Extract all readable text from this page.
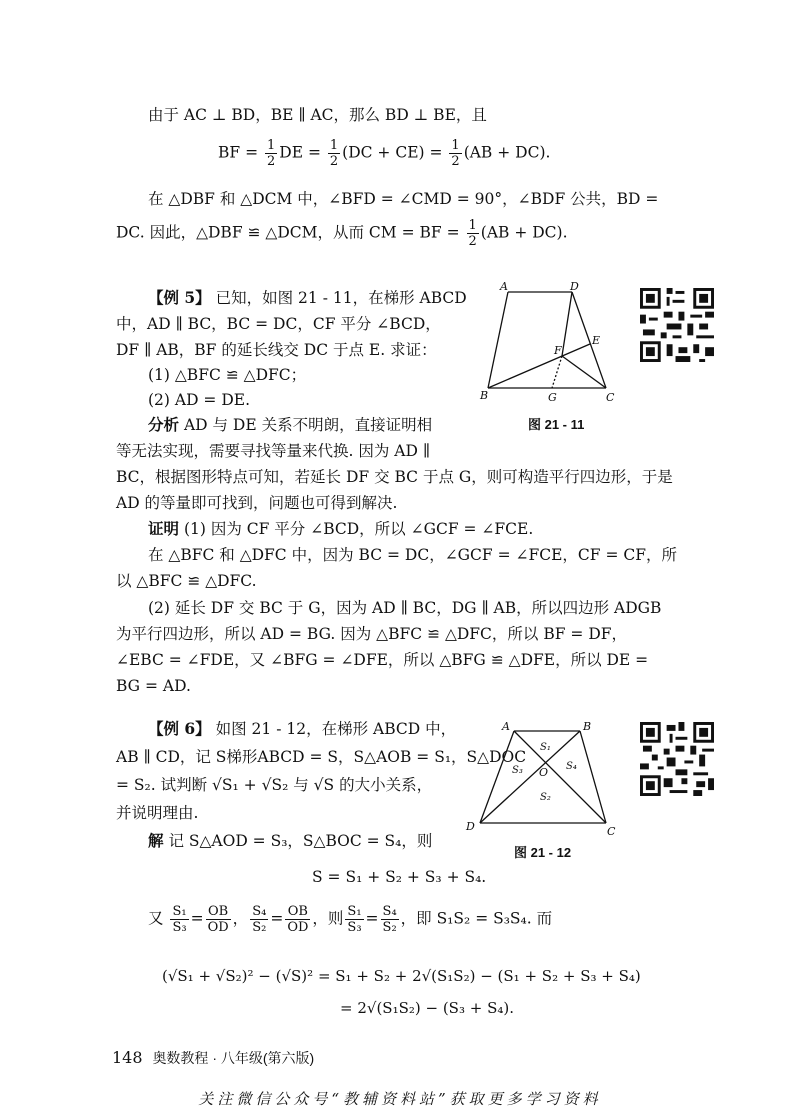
由于 AC ⊥ BD，BE ∥ AC，那么 BD ⊥ BE，且
BF = $\frac{1}{2}$ DE = $\frac{1}{2} (DC + CE) = \frac{1}{2} (AB + DC)$.
在 △DBF 和 △DCM 中，∠BFD = ∠CMD = 90°，∠BDF 公共，BD =
DC. 因此，△DBF ≌ △DCM，从而 CM = BF = $\frac{1}{2} (AB + DC)$.
【例 5】 已知，如图 21 - 11，在梯形 ABCD
中，AD ∥ BC，BC = DC，CF 平分 ∠BCD，
DF ∥ AB，BF 的延长线交 DC 于点 E. 求证：
(1) △BFC ≌ △DFC；
(2) AD = DE.
分析 AD 与 DE 关系不明朗，直接证明相
等无法实现，需要寻找等量来代换. 因为 AD ∥
BC，根据图形特点可知，若延长 DF 交 BC 于点 G，则可构造平行四边形，于是
AD 的等量即可找到，问题也可得到解决.
证明 (1) 因为 CF 平分 ∠BCD，所以 ∠GCF = ∠FCE.
在 △BFC 和 △DFC 中，因为 BC = DC，∠GCF = ∠FCE，CF = CF，所
以 △BFC ≌ △DFC.
(2) 延长 DF 交 BC 于 G，因为 AD ∥ BC，DG ∥ AB，所以四边形 ADGB
为平行四边形，所以 AD = BG. 因为 △BFC ≌ △DFC，所以 BF = DF，
∠EBC = ∠FDE，又 ∠BFG = ∠DFE，所以 △BFG ≌ △DFE，所以 DE =
BG = AD.
A	D
B	C
F
E
G
图 21 - 11
【例 6】 如图 21 - 12，在梯形 ABCD 中，
AB ∥ CD，记 S梯形ABCD = S，S△AOB = S₁，S△DOC
= S₂. 试判断 √S₁ + √S₂ 与 √S 的大小关系，
并说明理由.
解 记 S△AOD = S₃，S△BOC = S₄，则
S = S₁ + S₂ + S₃ + S₄.
又 $\frac{\text{S₁}}{\text{S₃}} = \frac{OB}{OD}$ ， $\frac{\text{S₄}}{\text{S₂}} = \frac{OB}{OD}$ ，则 $\frac{\text{S₁}}{\text{S₃}} = \frac{\text{S₄}}{\text{S₂}}$ ，即 S₁S₂ = S₃S₄. 而
(√S₁ + √S₂)² − (√S)² = S₁ + S₂ + 2√(S₁S₂) − (S₁ + S₂ + S₃ + S₄)
= 2√(S₁S₂) − (S₃ + S₄).
A	B
C
D
O
S₁
S₂
S₃	S₄
图 21 - 12
148 奥数教程 · 八年级(第六版)
关注微信公众号“教辅资料站”获取更多学习资料
